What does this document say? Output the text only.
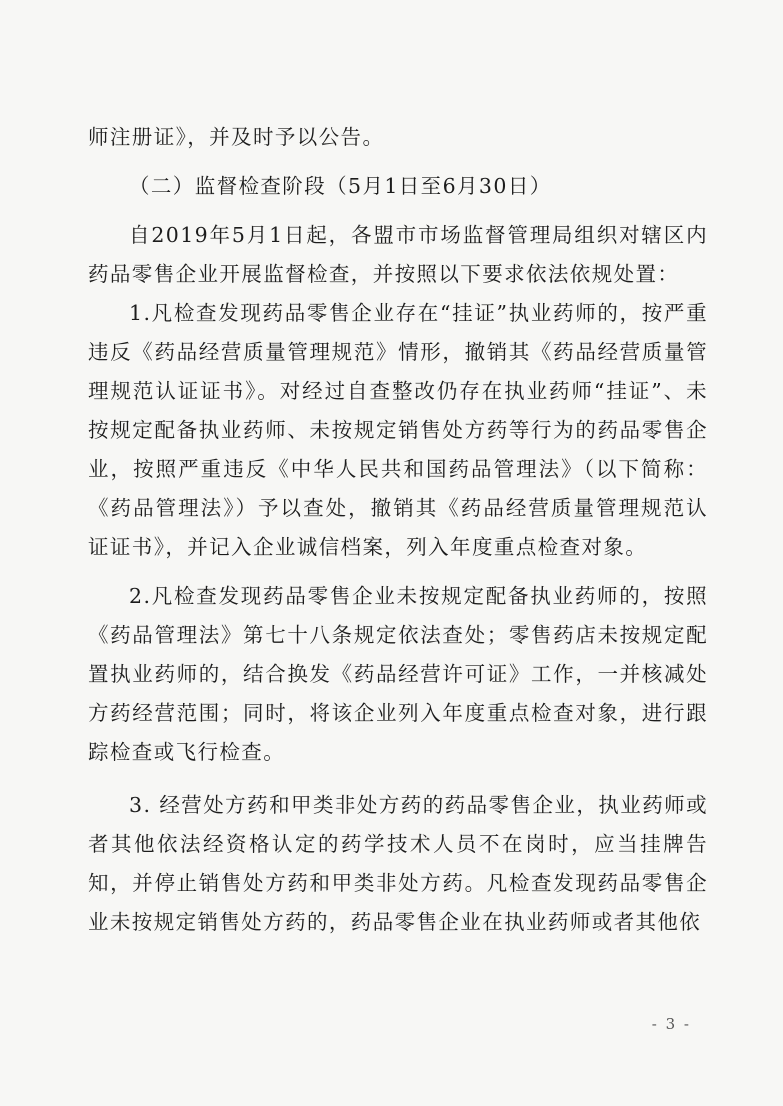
师注册证》，并及时予以公告。

（二）监督检查阶段（5月1日至6月30日）

自2019年5月1日起，各盟市市场监督管理局组织对辖区内药品零售企业开展监督检查，并按照以下要求依法依规处置：

1.凡检查发现药品零售企业存在“挂证”执业药师的，按严重违反《药品经营质量管理规范》情形，撤销其《药品经营质量管理规范认证证书》。对经过自查整改仍存在执业药师“挂证”、未按规定配备执业药师、未按规定销售处方药等行为的药品零售企业，按照严重违反《中华人民共和国药品管理法》（以下简称：《药品管理法》）予以查处，撤销其《药品经营质量管理规范认证证书》，并记入企业诚信档案，列入年度重点检查对象。

2.凡检查发现药品零售企业未按规定配备执业药师的，按照《药品管理法》第七十八条规定依法查处；零售药店未按规定配置执业药师的，结合换发《药品经营许可证》工作，一并核减处方药经营范围；同时，将该企业列入年度重点检查对象，进行跟踪检查或飞行检查。

3. 经营处方药和甲类非处方药的药品零售企业，执业药师或者其他依法经资格认定的药学技术人员不在岗时，应当挂牌告知，并停止销售处方药和甲类非处方药。凡检查发现药品零售企业未按规定销售处方药的，药品零售企业在执业药师或者其他依

- 3 -
